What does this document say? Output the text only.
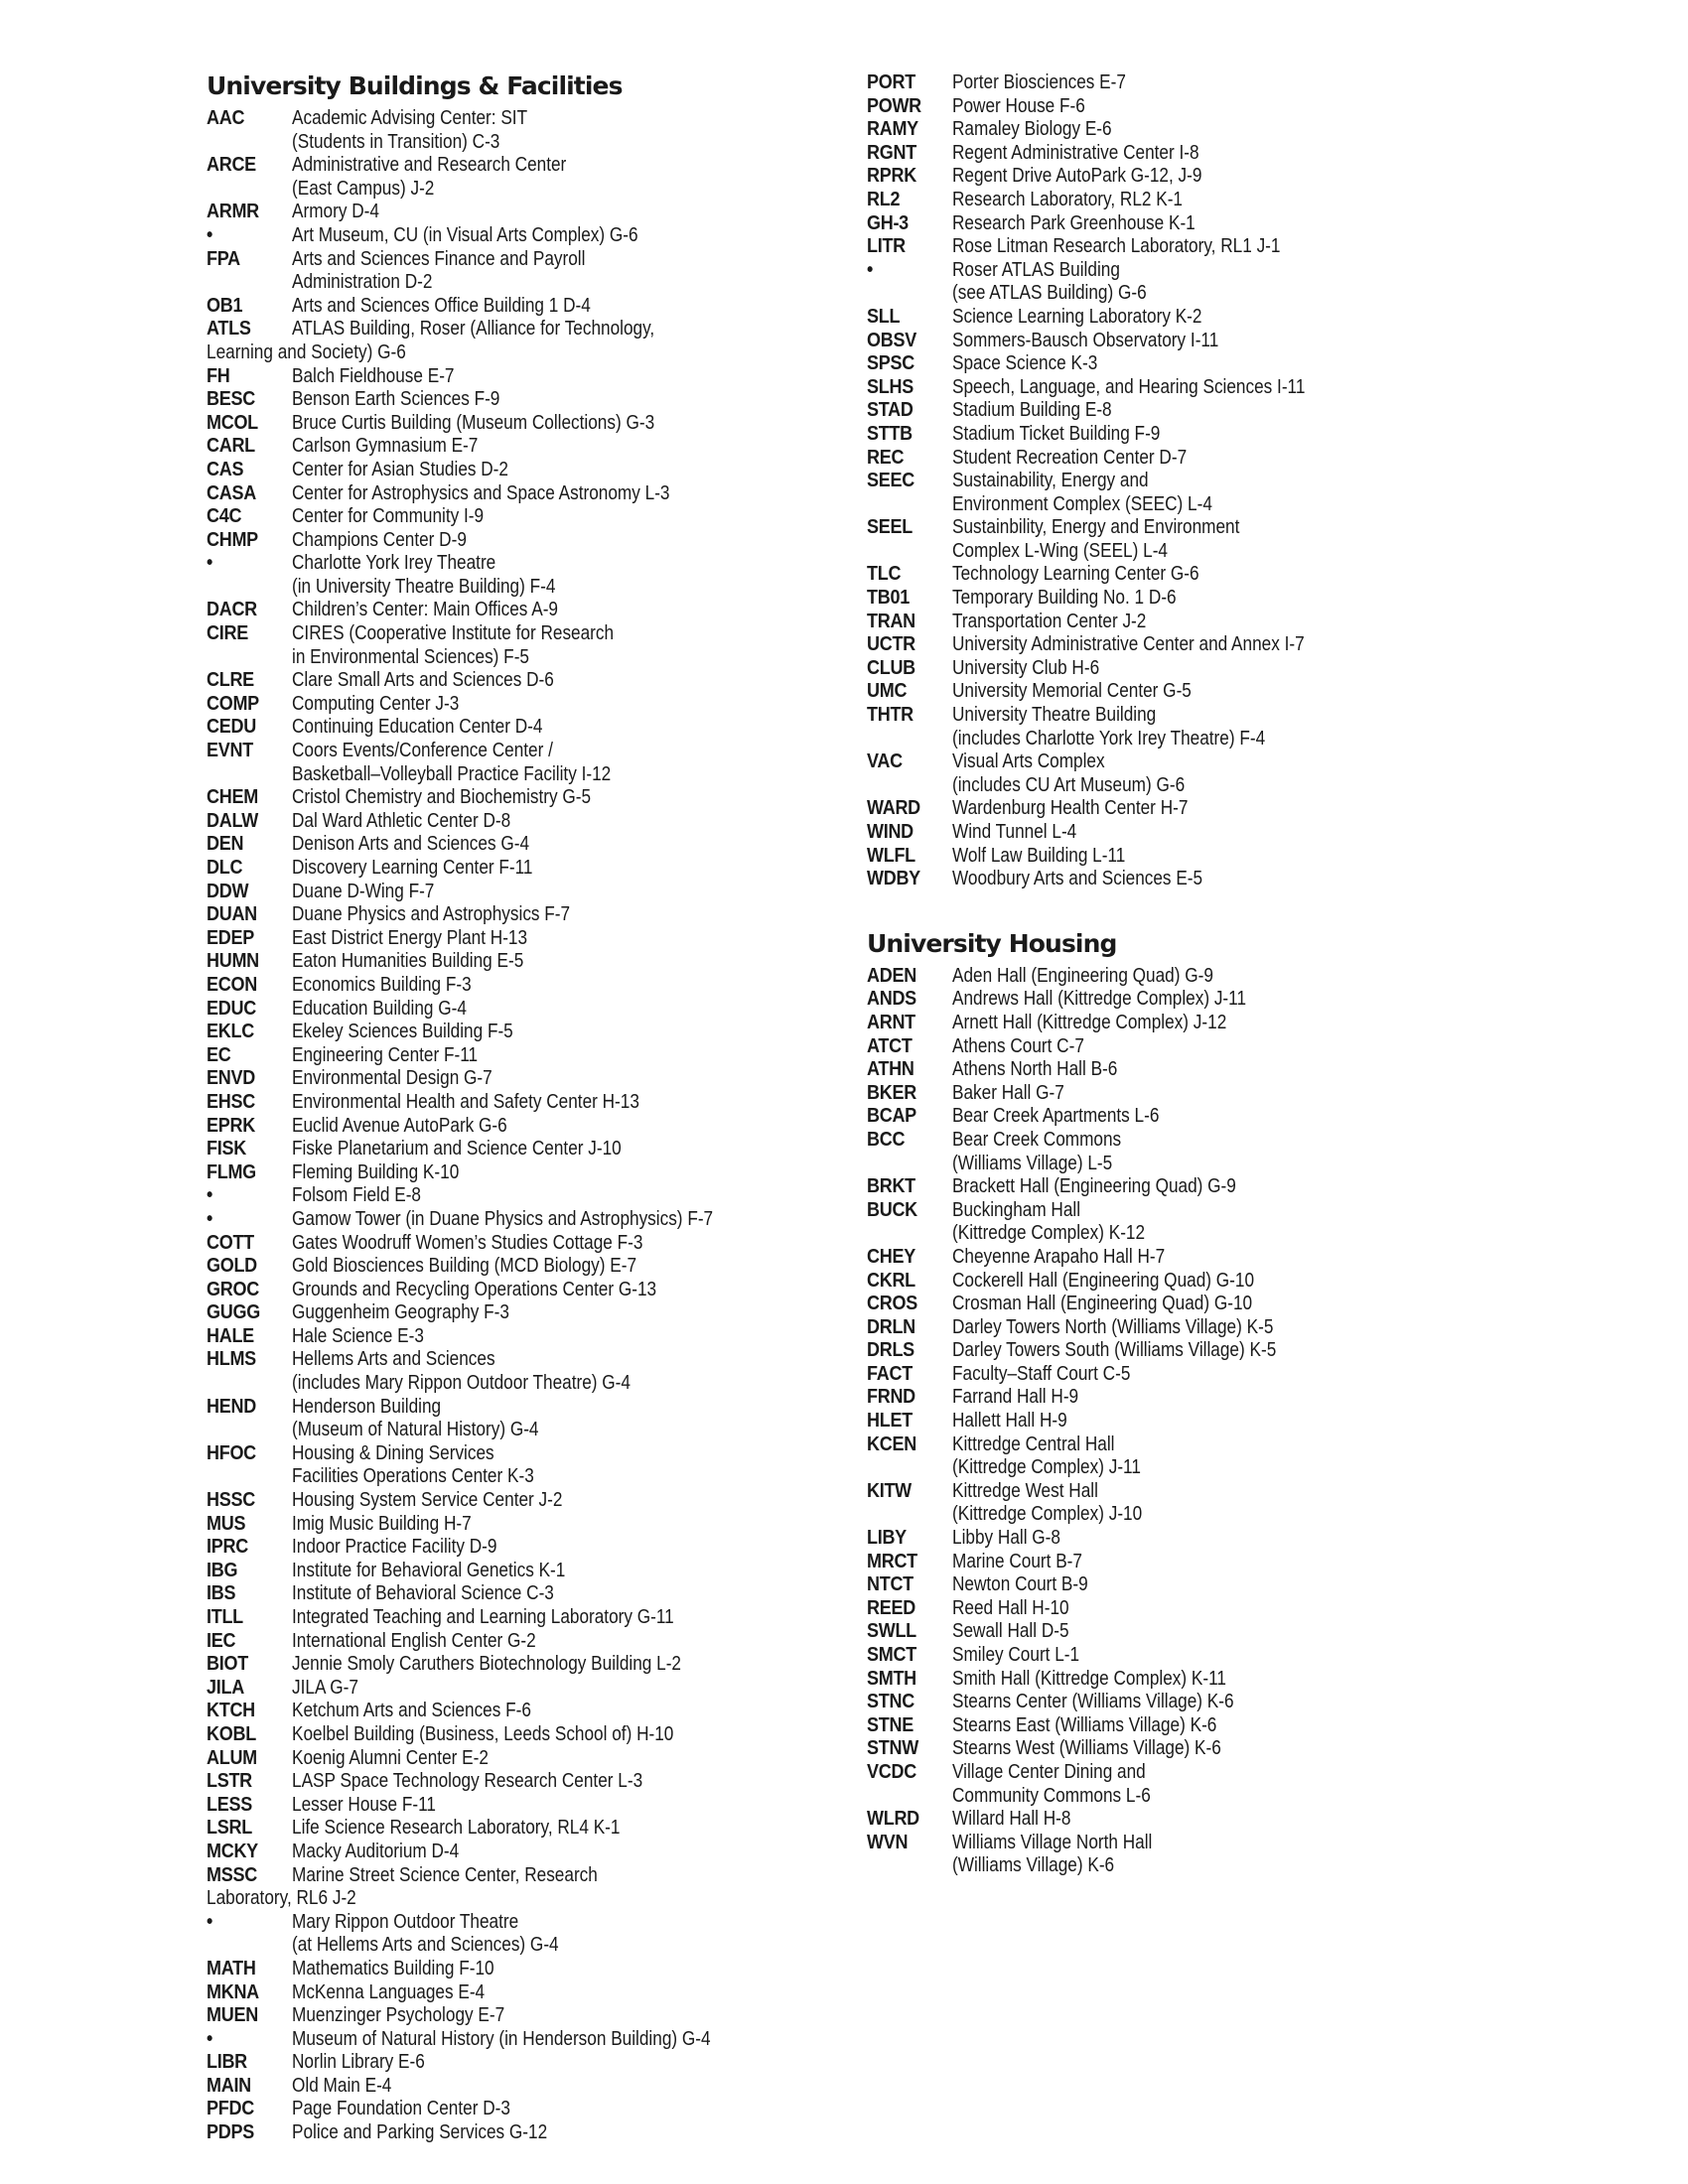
University Buildings & Facilities
AAC	Academic Advising Center: SIT
(Students in Transition) C-3
ARCE	Administrative and Research Center
(East Campus) J-2
ARMR	Armory D-4
•	Art Museum, CU (in Visual Arts Complex) G-6
FPA	Arts and Sciences Finance and Payroll
Administration D-2
OB1	Arts and Sciences Office Building 1 D-4
ATLS	ATLAS Building, Roser (Alliance for Technology, Learning and Society) G-6
FH	Balch Fieldhouse E-7
BESC	Benson Earth Sciences F-9
MCOL	Bruce Curtis Building (Museum Collections) G-3
CARL	Carlson Gymnasium E-7
CAS	Center for Asian Studies D-2
CASA	Center for Astrophysics and Space Astronomy L-3
C4C	Center for Community I-9
CHMP	Champions Center D-9
•	Charlotte York Irey Theatre
(in University Theatre Building) F-4
DACR	Children’s Center: Main Offices A-9
CIRE	CIRES (Cooperative Institute for Research
in Environmental Sciences) F-5
CLRE	Clare Small Arts and Sciences D-6
COMP	Computing Center J-3
CEDU	Continuing Education Center D-4
EVNT	Coors Events/Conference Center /
Basketball–Volleyball Practice Facility I-12
CHEM	Cristol Chemistry and Biochemistry G-5
DALW	Dal Ward Athletic Center D-8
DEN	Denison Arts and Sciences G-4
DLC	Discovery Learning Center F-11
DDW	Duane D-Wing F-7
DUAN	Duane Physics and Astrophysics F-7
EDEP	East District Energy Plant H-13
HUMN	Eaton Humanities Building E-5
ECON	Economics Building F-3
EDUC	Education Building G-4
EKLC	Ekeley Sciences Building F-5
EC	Engineering Center F-11
ENVD	Environmental Design G-7
EHSC	Environmental Health and Safety Center H-13
EPRK	Euclid Avenue AutoPark G-6
FISK	Fiske Planetarium and Science Center J-10
FLMG	Fleming Building K-10
•	Folsom Field E-8
•	Gamow Tower (in Duane Physics and Astrophysics) F-7
COTT	Gates Woodruff Women’s Studies Cottage F-3
GOLD	Gold Biosciences Building (MCD Biology) E-7
GROC	Grounds and Recycling Operations Center G-13
GUGG	Guggenheim Geography F-3
HALE	Hale Science E-3
HLMS	Hellems Arts and Sciences
(includes Mary Rippon Outdoor Theatre) G-4
HEND	Henderson Building
(Museum of Natural History) G-4
HFOC	Housing & Dining Services
Facilities Operations Center K-3
HSSC	Housing System Service Center J-2
MUS	Imig Music Building H-7
IPRC	Indoor Practice Facility D-9
IBG	Institute for Behavioral Genetics K-1
IBS	Institute of Behavioral Science C-3
ITLL	Integrated Teaching and Learning Laboratory G-11
IEC	International English Center G-2
BIOT	Jennie Smoly Caruthers Biotechnology Building L-2
JILA	JILA G-7
KTCH	Ketchum Arts and Sciences F-6
KOBL	Koelbel Building (Business, Leeds School of) H-10
ALUM	Koenig Alumni Center E-2
LSTR	LASP Space Technology Research Center L-3
LESS	Lesser House F-11
LSRL	Life Science Research Laboratory, RL4 K-1
MCKY	Macky Auditorium D-4
MSSC	Marine Street Science Center, Research Laboratory, RL6 J-2
•	Mary Rippon Outdoor Theatre
(at Hellems Arts and Sciences) G-4
MATH	Mathematics Building F-10
MKNA	McKenna Languages E-4
MUEN	Muenzinger Psychology E-7
•	Museum of Natural History (in Henderson Building) G-4
LIBR	Norlin Library E-6
MAIN	Old Main E-4
PFDC	Page Foundation Center D-3
PDPS	Police and Parking Services G-12
PORT	Porter Biosciences E-7
POWR	Power House F-6
RAMY	Ramaley Biology E-6
RGNT	Regent Administrative Center I-8
RPRK	Regent Drive AutoPark G-12, J-9
RL2	Research Laboratory, RL2 K-1
GH-3	Research Park Greenhouse K-1
LITR	Rose Litman Research Laboratory, RL1 J-1
•	Roser ATLAS Building
(see ATLAS Building) G-6
SLL	Science Learning Laboratory K-2
OBSV	Sommers-Bausch Observatory I-11
SPSC	Space Science K-3
SLHS	Speech, Language, and Hearing Sciences I-11
STAD	Stadium Building E-8
STTB	Stadium Ticket Building F-9
REC	Student Recreation Center D-7
SEEC	Sustainability, Energy and
Environment Complex (SEEC) L-4
SEEL	Sustainbility, Energy and Environment
Complex L-Wing (SEEL) L-4
TLC	Technology Learning Center G-6
TB01	Temporary Building No. 1 D-6
TRAN	Transportation Center J-2
UCTR	University Administrative Center and Annex I-7
CLUB	University Club H-6
UMC	University Memorial Center G-5
THTR	University Theatre Building
(includes Charlotte York Irey Theatre) F-4
VAC	Visual Arts Complex
(includes CU Art Museum) G-6
WARD	Wardenburg Health Center H-7
WIND	Wind Tunnel L-4
WLFL	Wolf Law Building L-11
WDBY	Woodbury Arts and Sciences E-5
University Housing
ADEN	Aden Hall (Engineering Quad) G-9
ANDS	Andrews Hall (Kittredge Complex) J-11
ARNT	Arnett Hall (Kittredge Complex) J-12
ATCT	Athens Court C-7
ATHN	Athens North Hall B-6
BKER	Baker Hall G-7
BCAP	Bear Creek Apartments L-6
BCC	Bear Creek Commons
(Williams Village) L-5
BRKT	Brackett Hall (Engineering Quad) G-9
BUCK	Buckingham Hall
(Kittredge Complex) K-12
CHEY	Cheyenne Arapaho Hall H-7
CKRL	Cockerell Hall (Engineering Quad) G-10
CROS	Crosman Hall (Engineering Quad) G-10
DRLN	Darley Towers North (Williams Village) K-5
DRLS	Darley Towers South (Williams Village) K-5
FACT	Faculty–Staff Court C-5
FRND	Farrand Hall H-9
HLET	Hallett Hall H-9
KCEN	Kittredge Central Hall
(Kittredge Complex) J-11
KITW	Kittredge West Hall
(Kittredge Complex) J-10
LIBY	Libby Hall G-8
MRCT	Marine Court B-7
NTCT	Newton Court B-9
REED	Reed Hall H-10
SWLL	Sewall Hall D-5
SMCT	Smiley Court L-1
SMTH	Smith Hall (Kittredge Complex) K-11
STNC	Stearns Center (Williams Village) K-6
STNE	Stearns East (Williams Village) K-6
STNW	Stearns West (Williams Village) K-6
VCDC	Village Center Dining and
Community Commons L-6
WLRD	Willard Hall H-8
WVN	Williams Village North Hall
(Williams Village) K-6
